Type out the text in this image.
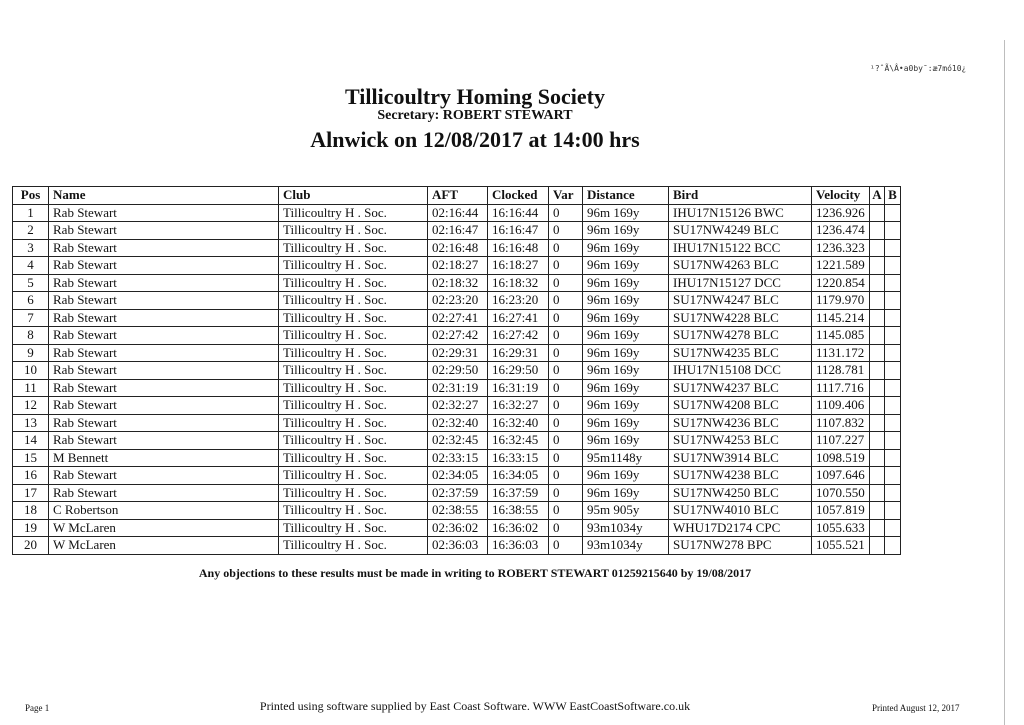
¹?ˆÃ\Â•a0by¯:æ7mó10¿
Tillicoultry Homing Society
Secretary: ROBERT STEWART
Alnwick on 12/08/2017 at 14:00 hrs
Pos	Name	Club	AFT	Clocked	Var	Distance	Bird	Velocity	A	B
1	Rab Stewart	Tillicoultry H . Soc.	02:16:44	16:16:44	0	96m 169y	IHU17N15126 BWC	1236.926		
2	Rab Stewart	Tillicoultry H . Soc.	02:16:47	16:16:47	0	96m 169y	SU17NW4249 BLC	1236.474		
3	Rab Stewart	Tillicoultry H . Soc.	02:16:48	16:16:48	0	96m 169y	IHU17N15122 BCC	1236.323		
4	Rab Stewart	Tillicoultry H . Soc.	02:18:27	16:18:27	0	96m 169y	SU17NW4263 BLC	1221.589		
5	Rab Stewart	Tillicoultry H . Soc.	02:18:32	16:18:32	0	96m 169y	IHU17N15127 DCC	1220.854		
6	Rab Stewart	Tillicoultry H . Soc.	02:23:20	16:23:20	0	96m 169y	SU17NW4247 BLC	1179.970		
7	Rab Stewart	Tillicoultry H . Soc.	02:27:41	16:27:41	0	96m 169y	SU17NW4228 BLC	1145.214		
8	Rab Stewart	Tillicoultry H . Soc.	02:27:42	16:27:42	0	96m 169y	SU17NW4278 BLC	1145.085		
9	Rab Stewart	Tillicoultry H . Soc.	02:29:31	16:29:31	0	96m 169y	SU17NW4235 BLC	1131.172		
10	Rab Stewart	Tillicoultry H . Soc.	02:29:50	16:29:50	0	96m 169y	IHU17N15108 DCC	1128.781		
11	Rab Stewart	Tillicoultry H . Soc.	02:31:19	16:31:19	0	96m 169y	SU17NW4237 BLC	1117.716		
12	Rab Stewart	Tillicoultry H . Soc.	02:32:27	16:32:27	0	96m 169y	SU17NW4208 BLC	1109.406		
13	Rab Stewart	Tillicoultry H . Soc.	02:32:40	16:32:40	0	96m 169y	SU17NW4236 BLC	1107.832		
14	Rab Stewart	Tillicoultry H . Soc.	02:32:45	16:32:45	0	96m 169y	SU17NW4253 BLC	1107.227		
15	M Bennett	Tillicoultry H . Soc.	02:33:15	16:33:15	0	95m1148y	SU17NW3914 BLC	1098.519		
16	Rab Stewart	Tillicoultry H . Soc.	02:34:05	16:34:05	0	96m 169y	SU17NW4238 BLC	1097.646		
17	Rab Stewart	Tillicoultry H . Soc.	02:37:59	16:37:59	0	96m 169y	SU17NW4250 BLC	1070.550		
18	C Robertson	Tillicoultry H . Soc.	02:38:55	16:38:55	0	95m 905y	SU17NW4010 BLC	1057.819		
19	W McLaren	Tillicoultry H . Soc.	02:36:02	16:36:02	0	93m1034y	WHU17D2174 CPC	1055.633		
20	W McLaren	Tillicoultry H . Soc.	02:36:03	16:36:03	0	93m1034y	SU17NW278 BPC	1055.521		
Any objections to these results must be made in writing to ROBERT STEWART 01259215640 by 19/08/2017
Page 1	Printed using software supplied by East Coast Software. WWW EastCoastSoftware.co.uk	Printed August 12, 2017
